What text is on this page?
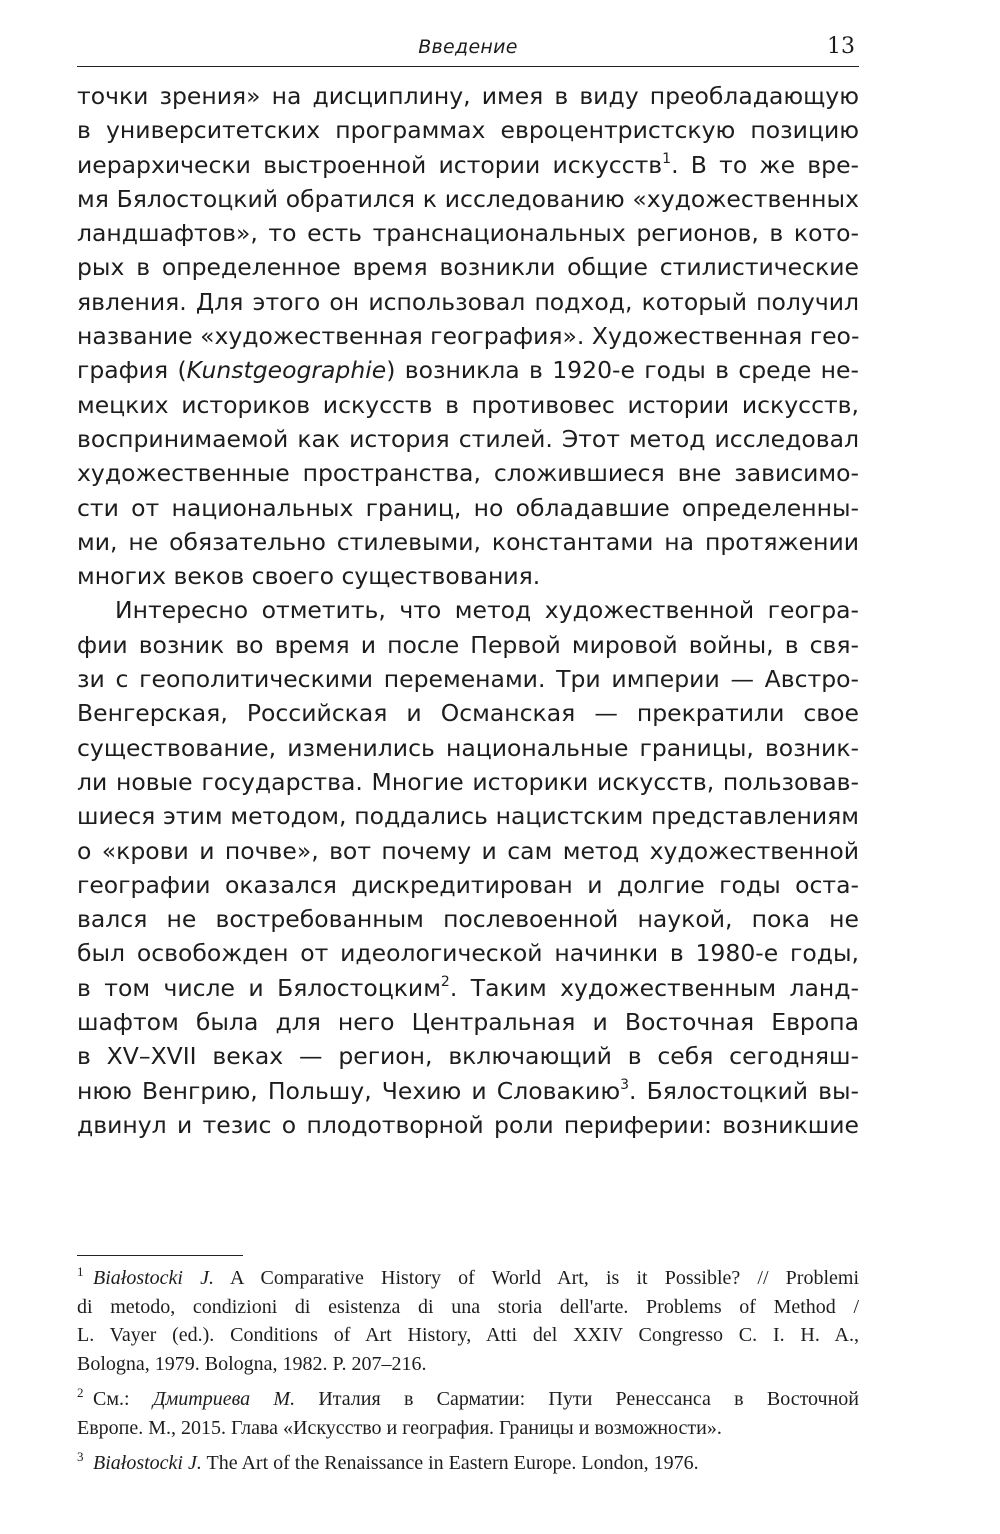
Введение	13
точки зрения» на дисциплину, имея в виду преобладающую
в университетских программах евроцентристскую позицию
иерархически выстроенной истории искусств$^1$. В то же вре-
мя Бялостоцкий обратился к исследованию «художественных
ландшафтов», то есть транснациональных регионов, в кото-
рых в определенное время возникли общие стилистические
явления. Для этого он использовал подход, который получил
название «художественная география». Художественная гео-
графия (Kunstgeographie) возникла в 1920-е годы в среде не-
мецких историков искусств в противовес истории искусств,
воспринимаемой как история стилей. Этот метод исследовал
художественные пространства, сложившиеся вне зависимо-
сти от национальных границ, но обладавшие определенны-
ми, не обязательно стилевыми, константами на протяжении
многих веков своего существования.
Интересно отметить, что метод художественной геогра-
фии возник во время и после Первой мировой войны, в свя-
зи с геополитическими переменами. Три империи — Австро-
Венгерская, Российская и Османская — прекратили свое
существование, изменились национальные границы, возник-
ли новые государства. Многие историки искусств, пользовав-
шиеся этим методом, поддались нацистским представлениям
о «крови и почве», вот почему и сам метод художественной
географии оказался дискредитирован и долгие годы оста-
вался не востребованным послевоенной наукой, пока не
был освобожден от идеологической начинки в 1980-е годы,
в том числе и Бялостоцким$^2$. Таким художественным ланд-
шафтом была для него Центральная и Восточная Европа
в XV–XVII веках — регион, включающий в себя сегодняш-
нюю Венгрию, Польшу, Чехию и Словакию$^3$. Бялостоцкий вы-
двинул и тезис о плодотворной роли периферии: возникшие
1 Białostocki J. A Comparative History of World Art, is it Possible? // Problemi
di metodo, condizioni di esistenza di una storia dell'arte. Problems of Method /
L. Vayer (ed.). Conditions of Art History, Atti del XXIV Congresso C. I. H. A.,
Bologna, 1979. Bologna, 1982. P. 207–216.
2 См.: Дмитриева М. Италия в Сарматии: Пути Ренессанса в Восточной
Европе. М., 2015. Глава «Искусство и география. Границы и возможности».
3 Białostocki J. The Art of the Renaissance in Eastern Europe. London, 1976.
